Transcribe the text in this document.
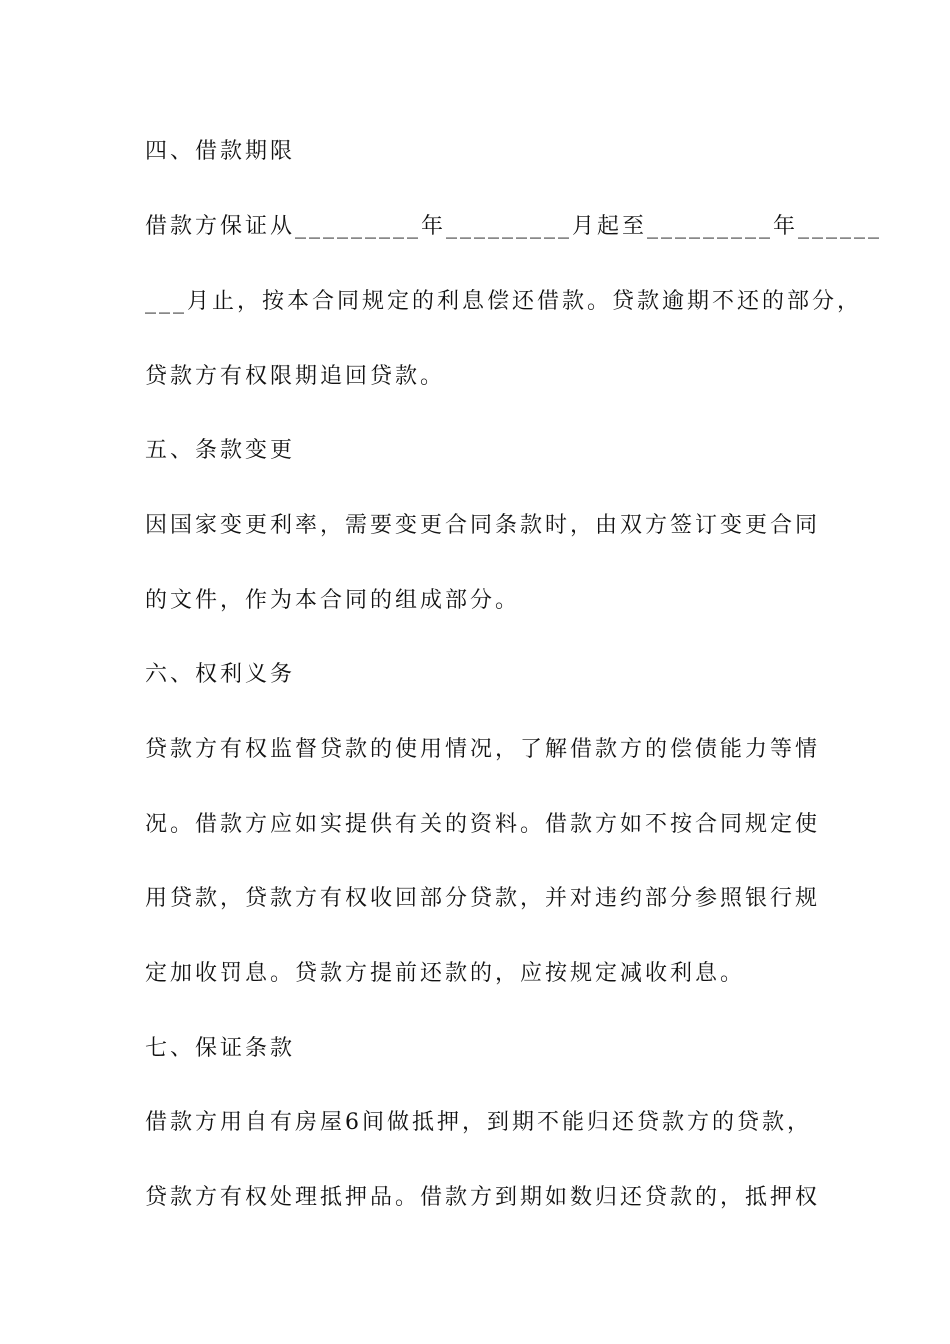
四、借款期限
借款方保证从_________年_________月起至_________年______
___月止，按本合同规定的利息偿还借款。贷款逾期不还的部分，
贷款方有权限期追回贷款。
五、条款变更
因国家变更利率，需要变更合同条款时，由双方签订变更合同
的文件，作为本合同的组成部分。
六、权利义务
贷款方有权监督贷款的使用情况，了解借款方的偿债能力等情
况。借款方应如实提供有关的资料。借款方如不按合同规定使
用贷款，贷款方有权收回部分贷款，并对违约部分参照银行规
定加收罚息。贷款方提前还款的，应按规定减收利息。
七、保证条款
借款方用自有房屋6间做抵押，到期不能归还贷款方的贷款，
贷款方有权处理抵押品。借款方到期如数归还贷款的，抵押权
